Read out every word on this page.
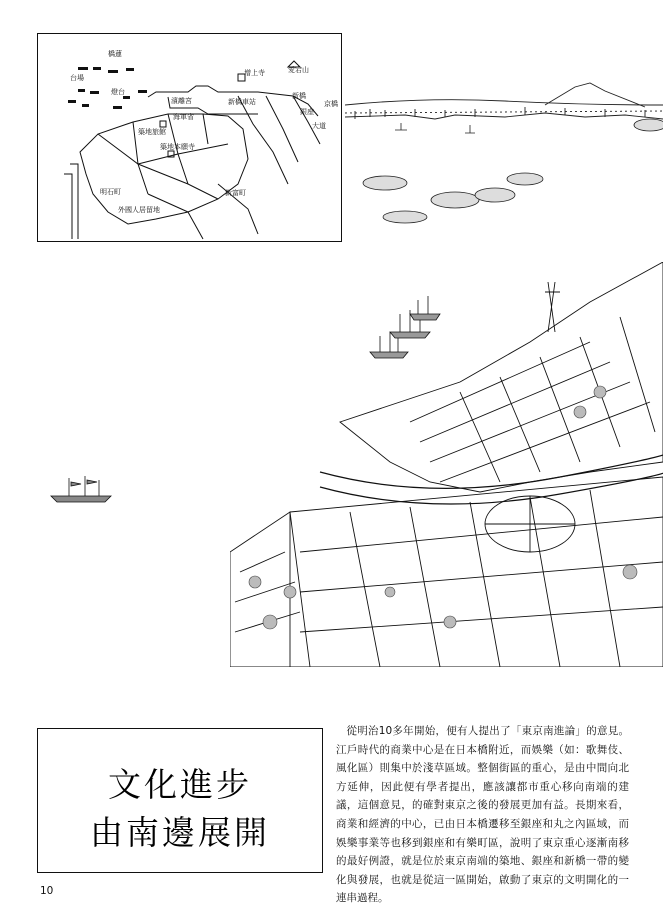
橋蓮
台場
燈台
濱離宮
海軍省
新橋車站
增上寺	愛宕山
新橋
京橋
銀座
大道
築地旅館
築地本願寺
明石町
外國人居留地
新富町
文化進步
由南邊展開

從明治10多年開始，便有人提出了「東京南進論」的意見。江戶時代的商業中心是在日本橋附近，而娛樂（如：歌舞伎、風化區）則集中於淺草區域。整個街區的重心，是由中間向北方延伸，因此便有學者提出，應該讓都市重心移向南端的建議，這個意見，的確對東京之後的發展更加有益。長期來看，商業和經濟的中心，已由日本橋遷移至銀座和丸之內區域，而娛樂事業等也移到銀座和有樂町區，說明了東京重心逐漸南移的最好例證，就是位於東京南端的築地、銀座和新橋一帶的變化與發展，也就是從這一區開始，啟動了東京的文明開化的一連串過程。

10
